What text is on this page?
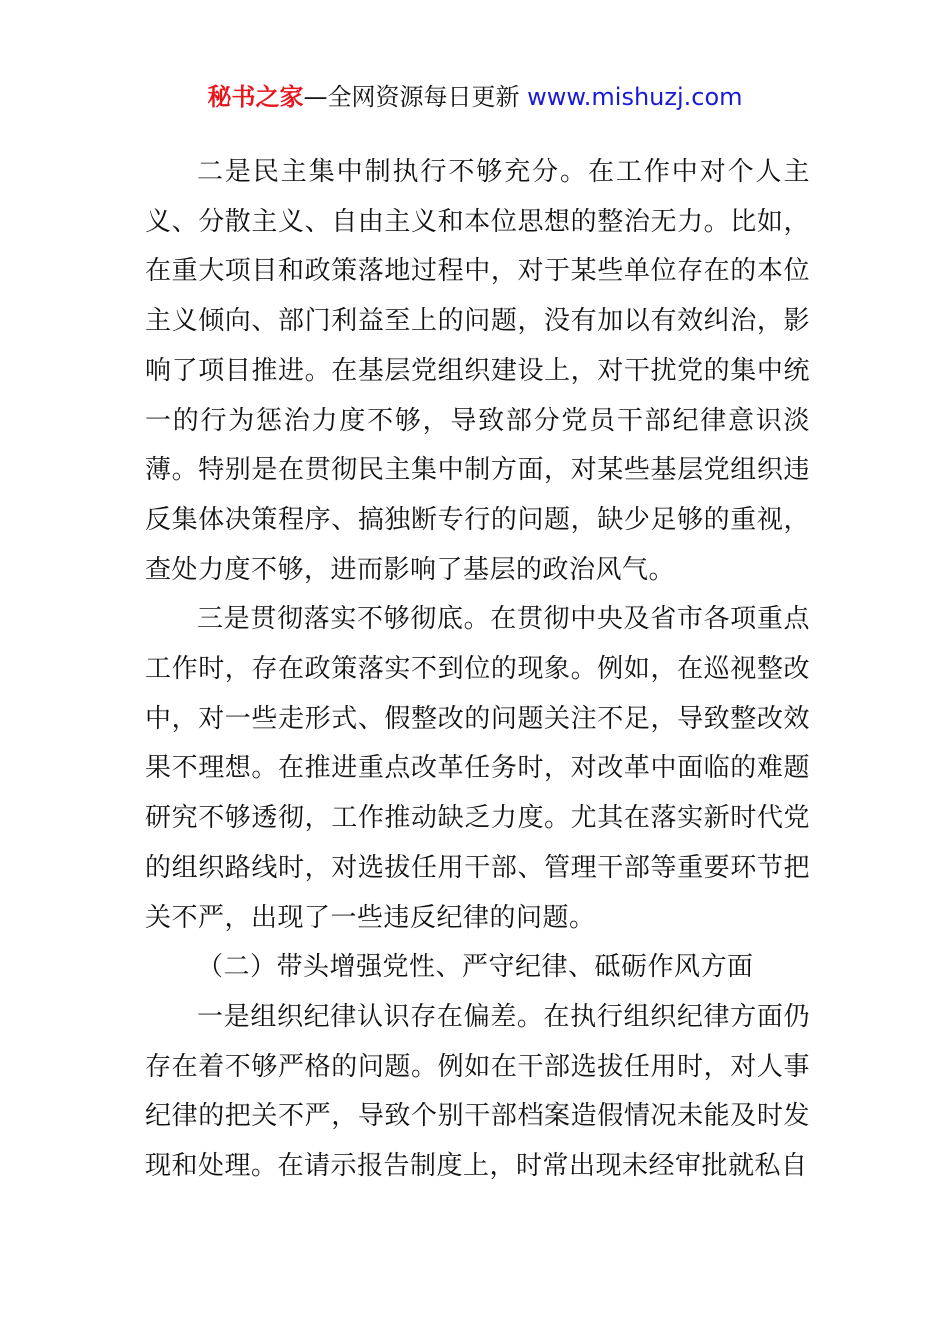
秘书之家—全网资源每日更新 www.mishuzj.com

二是民主集中制执行不够充分。在工作中对个人主义、分散主义、自由主义和本位思想的整治无力。比如，在重大项目和政策落地过程中，对于某些单位存在的本位主义倾向、部门利益至上的问题，没有加以有效纠治，影响了项目推进。在基层党组织建设上，对干扰党的集中统一的行为惩治力度不够，导致部分党员干部纪律意识淡薄。特别是在贯彻民主集中制方面，对某些基层党组织违反集体决策程序、搞独断专行的问题，缺少足够的重视，查处力度不够，进而影响了基层的政治风气。

三是贯彻落实不够彻底。在贯彻中央及省市各项重点工作时，存在政策落实不到位的现象。例如，在巡视整改中，对一些走形式、假整改的问题关注不足，导致整改效果不理想。在推进重点改革任务时，对改革中面临的难题研究不够透彻，工作推动缺乏力度。尤其在落实新时代党的组织路线时，对选拔任用干部、管理干部等重要环节把关不严，出现了一些违反纪律的问题。

（二）带头增强党性、严守纪律、砥砺作风方面

一是组织纪律认识存在偏差。在执行组织纪律方面仍存在着不够严格的问题。例如在干部选拔任用时，对人事纪律的把关不严，导致个别干部档案造假情况未能及时发现和处理。在请示报告制度上，时常出现未经审批就私自
